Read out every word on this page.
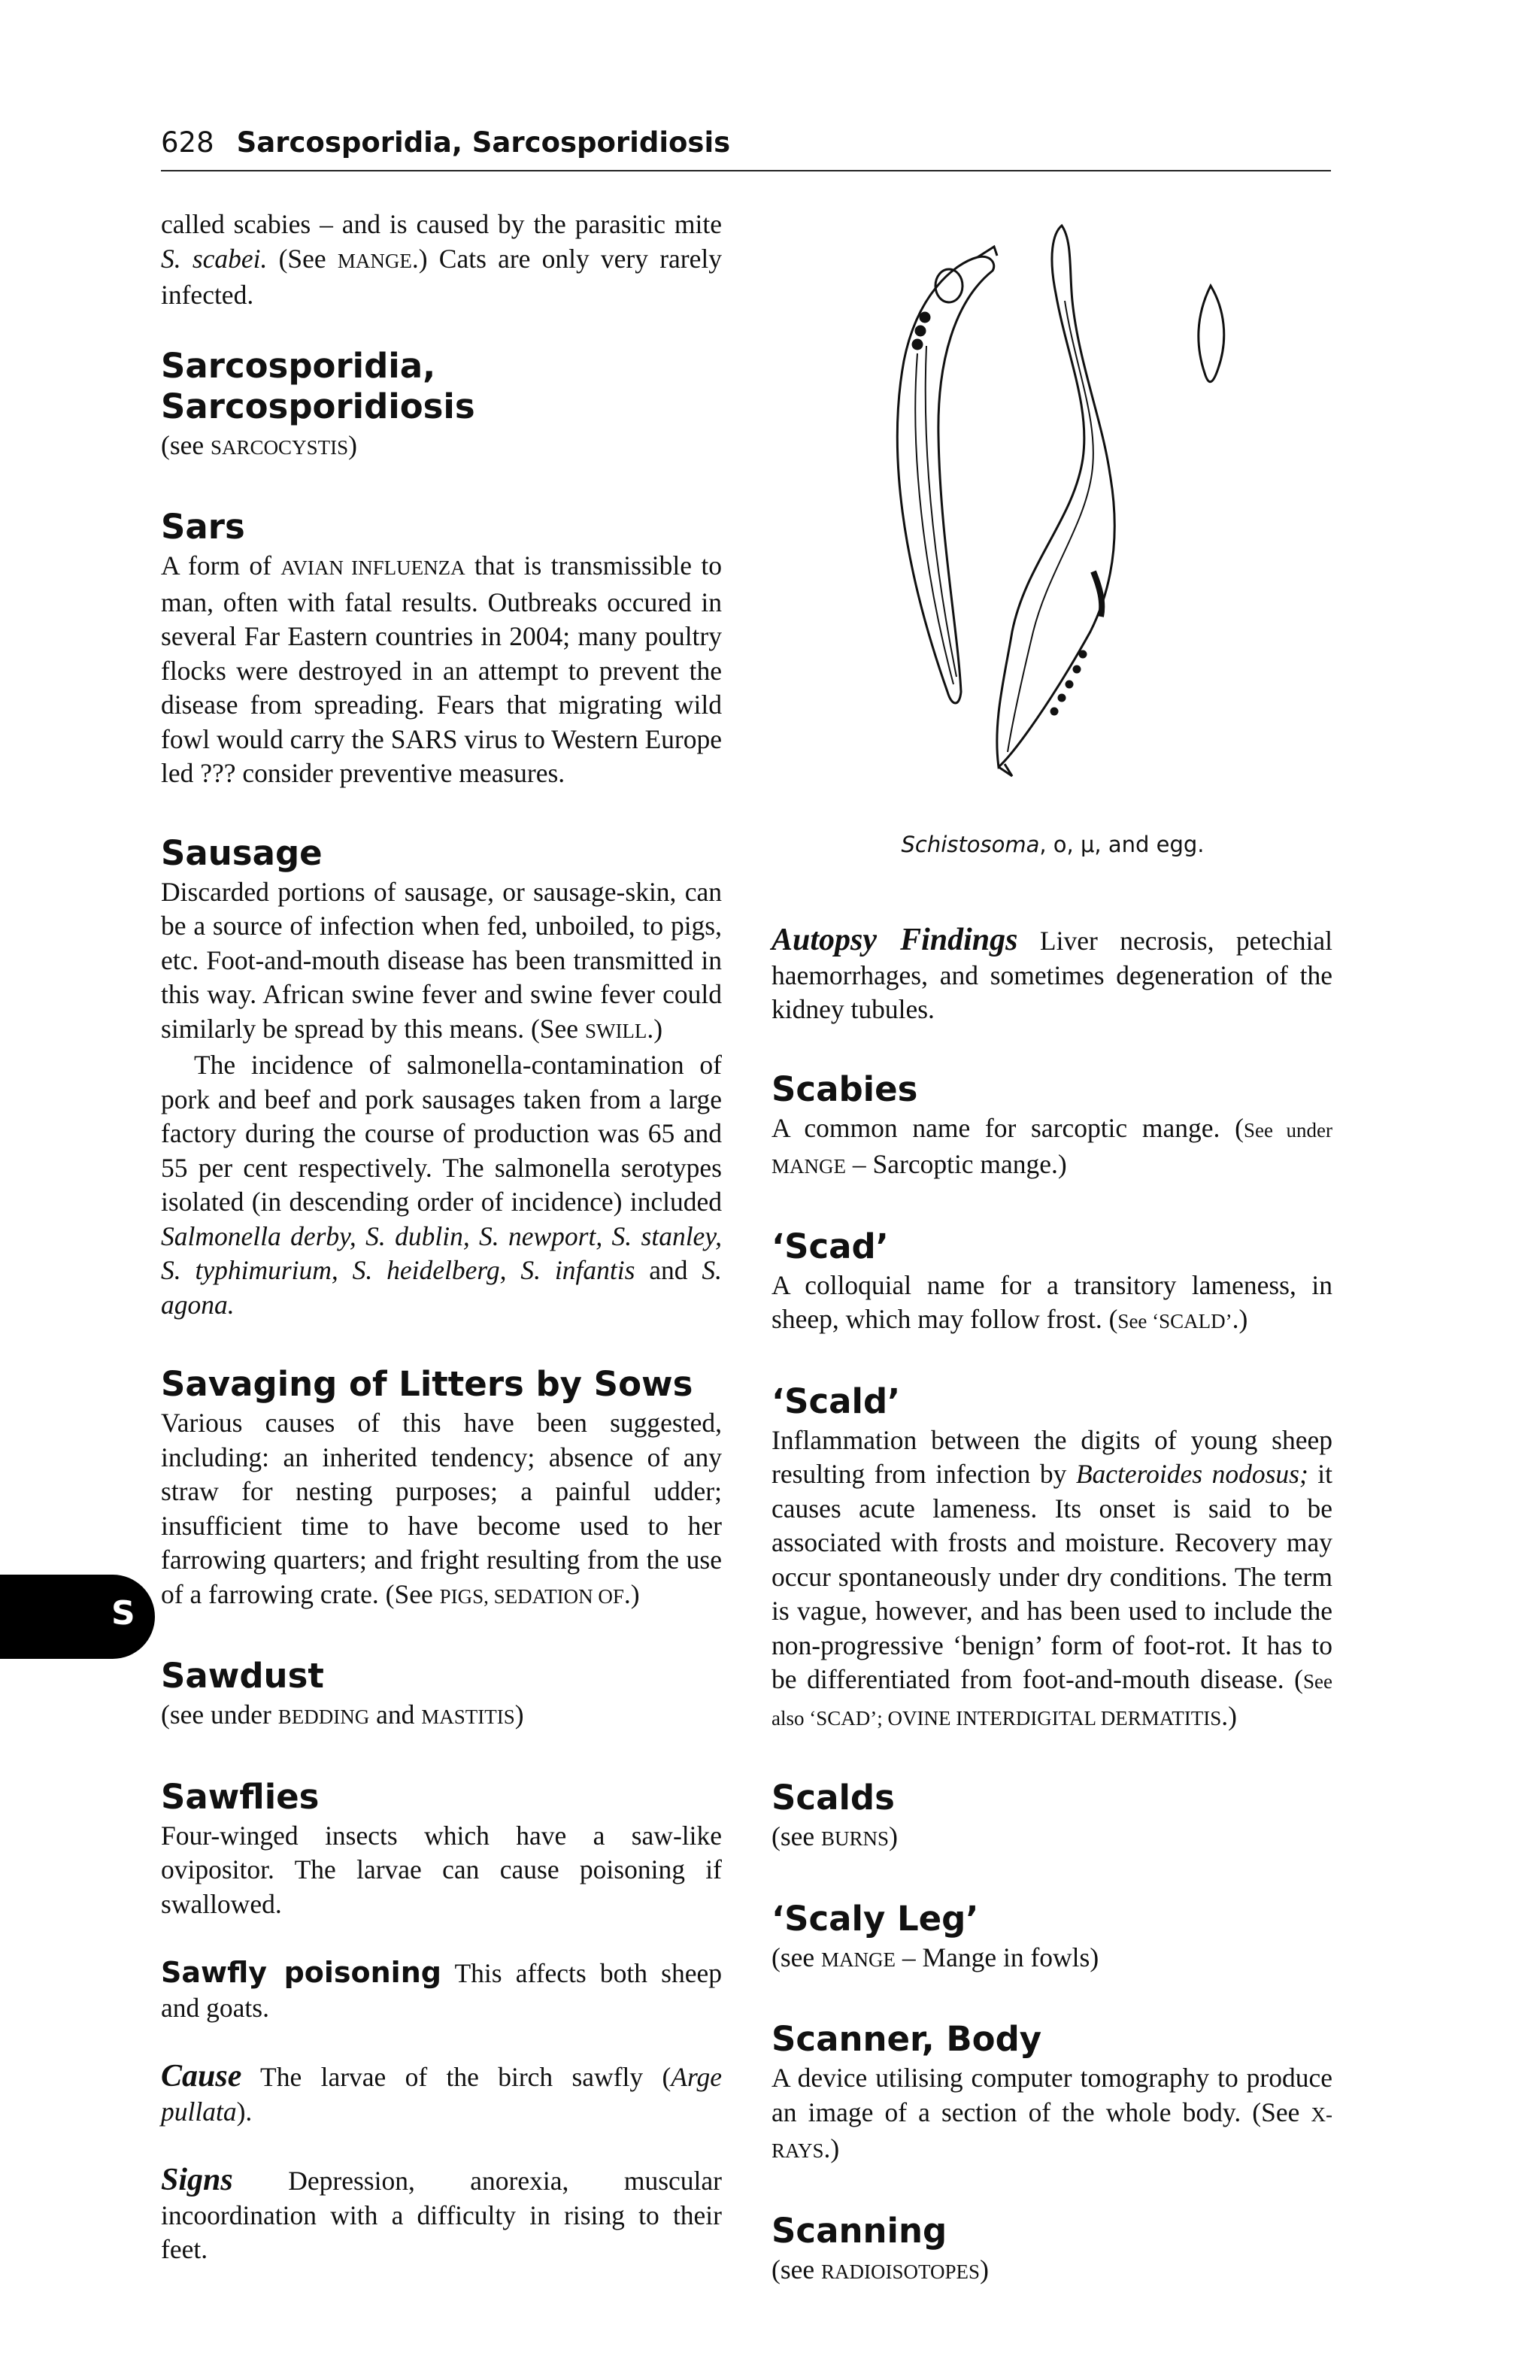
628 Sarcosporidia, Sarcosporidiosis
S

called scabies – and is caused by the parasitic mite S. scabei. (See MANGE.) Cats are only very rarely infected.

Sarcosporidia, Sarcosporidiosis

(see SARCOCYSTIS)

Sars

A form of AVIAN INFLUENZA that is transmissible to man, often with fatal results. Outbreaks occured in several Far Eastern countries in 2004; many poultry flocks were destroyed in an attempt to prevent the disease from spreading. Fears that migrating wild fowl would carry the SARS virus to Western Europe led ??? consider preventive measures.

Sausage

Discarded portions of sausage, or sausage-skin, can be a source of infection when fed, unboiled, to pigs, etc. Foot-and-mouth disease has been transmitted in this way. African swine fever and swine fever could similarly be spread by this means. (See SWILL.)

The incidence of salmonella-contamination of pork and beef and pork sausages taken from a large factory during the course of production was 65 and 55 per cent respectively. The salmonella serotypes isolated (in descending order of incidence) included Salmonella derby, S. dublin, S. newport, S. stanley, S. typhimurium, S. heidelberg, S. infantis and S. agona.

Savaging of Litters by Sows

Various causes of this have been suggested, including: an inherited tendency; absence of any straw for nesting purposes; a painful udder; insufficient time to have become used to her farrowing quarters; and fright resulting from the use of a farrowing crate. (See PIGS, SEDATION OF.)

Sawdust

(see under BEDDING and MASTITIS)

Sawflies

Four-winged insects which have a saw-like ovipositor. The larvae can cause poisoning if swallowed.

Sawfly poisoning This affects both sheep and goats.

Cause The larvae of the birch sawfly (Arge pullata).

Signs Depression, anorexia, muscular incoordination with a difficulty in rising to their feet.

Schistosoma, ο, μ, and egg.

Autopsy Findings Liver necrosis, petechial haemorrhages, and sometimes degeneration of the kidney tubules.

Scabies

A common name for sarcoptic mange. (See under MANGE – Sarcoptic mange.)

‘Scad’

A colloquial name for a transitory lameness, in sheep, which may follow frost. (See ‘SCALD’.)

‘Scald’

Inflammation between the digits of young sheep resulting from infection by Bacteroides nodosus; it causes acute lameness. Its onset is said to be associated with frosts and moisture. Recovery may occur spontaneously under dry conditions. The term is vague, however, and has been used to include the non-progressive ‘benign’ form of foot-rot. It has to be differentiated from foot-and-mouth disease. (See also ‘SCAD’; OVINE INTERDIGITAL DERMATITIS.)

Scalds

(see BURNS)

‘Scaly Leg’

(see MANGE – Mange in fowls)

Scanner, Body

A device utilising computer tomography to produce an image of a section of the whole body. (See X-RAYS.)

Scanning

(see RADIOISOTOPES)
